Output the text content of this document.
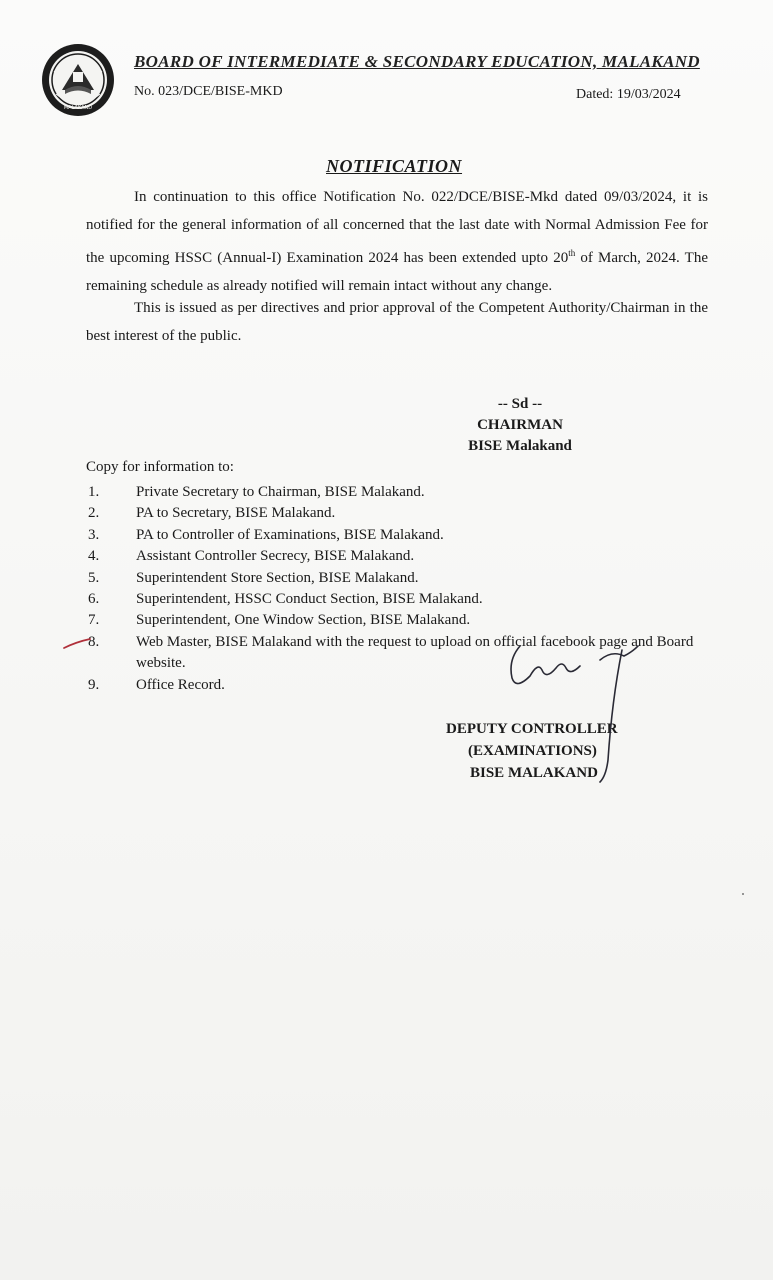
MALAKAND
BOARD OF INTERMEDIATE & SECONDARY EDUCATION, MALAKAND
No. 023/DCE/BISE-MKD	Dated: 19/03/2024
NOTIFICATION

In continuation to this office Notification No. 022/DCE/BISE-Mkd dated 09/03/2024, it is notified for the general information of all concerned that the last date with Normal Admission Fee for the upcoming HSSC (Annual-I) Examination 2024 has been extended upto 20th of March, 2024. The remaining schedule as already notified will remain intact without any change.

This is issued as per directives and prior approval of the Competent Authority/Chairman in the best interest of the public.

-- Sd --
CHAIRMAN
BISE Malakand
Copy for information to:
1. Private Secretary to Chairman, BISE Malakand.
2. PA to Secretary, BISE Malakand.
3. PA to Controller of Examinations, BISE Malakand.
4. Assistant Controller Secrecy, BISE Malakand.
5. Superintendent Store Section, BISE Malakand.
6. Superintendent, HSSC Conduct Section, BISE Malakand.
7. Superintendent, One Window Section, BISE Malakand.
8. Web Master, BISE Malakand with the request to upload on official facebook page and Board website.
9. Office Record.
DEPUTY CONTROLLER
(EXAMINATIONS)
BISE MALAKAND
